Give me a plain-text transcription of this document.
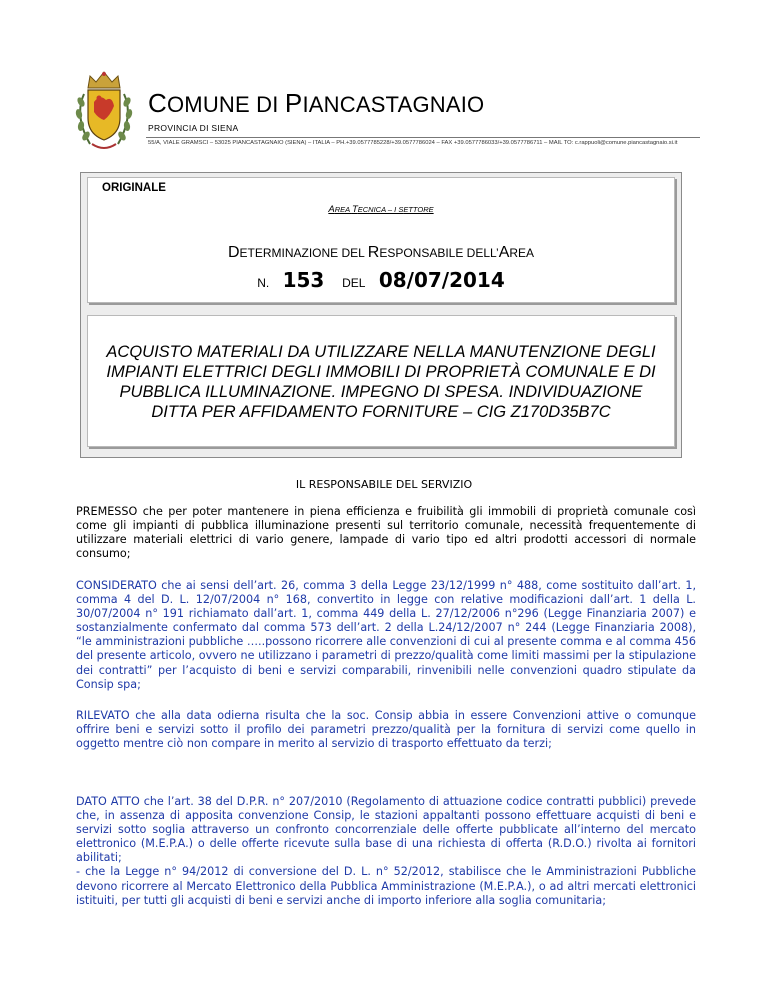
COMUNE DI PIANCASTAGNAIO
PROVINCIA DI SIENA
55/A, VIALE GRAMSCI – 53025 PIANCASTAGNAIO (SIENA) – ITALIA – PH.+39.0577785228/+39.0577786024 – FAX +39.0577786033/+39.0577786711 – MAIL TO: c.rappuoli@comune.piancastagnaio.si.it
ORIGINALE
AREA TECNICA – I SETTORE
DETERMINAZIONE DEL RESPONSABILE DELL’AREA
N. 153 DEL 08/07/2014
ACQUISTO MATERIALI DA UTILIZZARE NELLA MANUTENZIONE DEGLI IMPIANTI ELETTRICI DEGLI IMMOBILI DI PROPRIETÀ COMUNALE E DI PUBBLICA ILLUMINAZIONE. IMPEGNO DI SPESA. INDIVIDUAZIONE DITTA PER AFFIDAMENTO FORNITURE – CIG Z170D35B7C
IL RESPONSABILE DEL SERVIZIO
PREMESSO che per poter mantenere in piena efficienza e fruibilità gli immobili di proprietà comunale così come gli impianti di pubblica illuminazione presenti sul territorio comunale, necessità frequentemente di utilizzare materiali elettrici di vario genere, lampade di vario tipo ed altri prodotti accessori di normale consumo;
CONSIDERATO che ai sensi dell’art. 26, comma 3 della Legge 23/12/1999 n° 488, come sostituito dall’art. 1, comma 4 del D. L. 12/07/2004 n° 168, convertito in legge con relative modificazioni dall’art. 1 della L. 30/07/2004 n° 191 richiamato dall’art. 1, comma 449 della L. 27/12/2006 n°296 (Legge Finanziaria 2007) e sostanzialmente confermato dal comma 573 dell’art. 2 della L.24/12/2007 n° 244 (Legge Finanziaria 2008), “le amministrazioni pubbliche …..possono ricorrere alle convenzioni di cui al presente comma e al comma 456 del presente articolo, ovvero ne utilizzano i parametri di prezzo/qualità come limiti massimi per la stipulazione dei contratti” per l’acquisto di beni e servizi comparabili, rinvenibili nelle convenzioni quadro stipulate da Consip spa;
RILEVATO che alla data odierna risulta che la soc. Consip abbia in essere Convenzioni attive o comunque offrire beni e servizi sotto il profilo dei parametri prezzo/qualità per la fornitura di servizi come quello in oggetto mentre ciò non compare in merito al servizio di trasporto effettuato da terzi;
DATO ATTO che l’art. 38 del D.P.R. n° 207/2010 (Regolamento di attuazione codice contratti pubblici) prevede che, in assenza di apposita convenzione Consip, le stazioni appaltanti possono effettuare acquisti di beni e servizi sotto soglia attraverso un confronto concorrenziale delle offerte pubblicate all’interno del mercato elettronico (M.E.P.A.) o delle offerte ricevute sulla base di una richiesta di offerta (R.D.O.) rivolta ai fornitori abilitati;
- che la Legge n° 94/2012 di conversione del D. L. n° 52/2012, stabilisce che le Amministrazioni Pubbliche devono ricorrere al Mercato Elettronico della Pubblica Amministrazione (M.E.P.A.), o ad altri mercati elettronici istituiti, per tutti gli acquisti di beni e servizi anche di importo inferiore alla soglia comunitaria;
